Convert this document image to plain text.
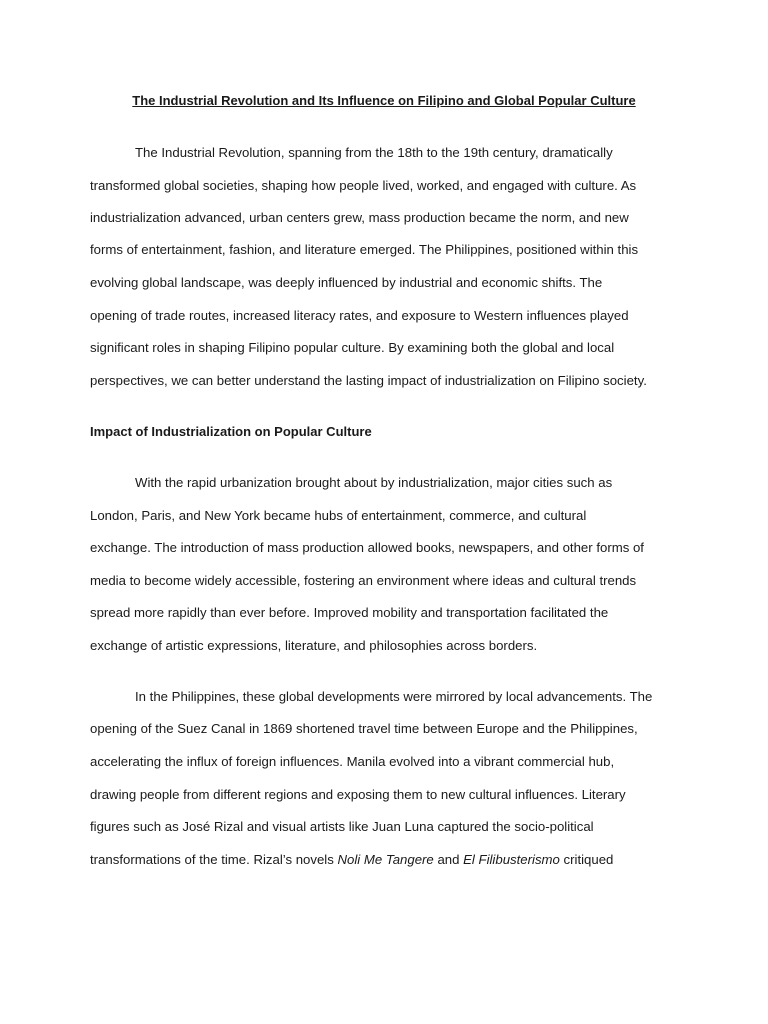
The Industrial Revolution and Its Influence on Filipino and Global Popular Culture
The Industrial Revolution, spanning from the 18th to the 19th century, dramatically
transformed global societies, shaping how people lived, worked, and engaged with culture. As
industrialization advanced, urban centers grew, mass production became the norm, and new
forms of entertainment, fashion, and literature emerged. The Philippines, positioned within this
evolving global landscape, was deeply influenced by industrial and economic shifts. The
opening of trade routes, increased literacy rates, and exposure to Western influences played
significant roles in shaping Filipino popular culture. By examining both the global and local
perspectives, we can better understand the lasting impact of industrialization on Filipino society.
Impact of Industrialization on Popular Culture
With the rapid urbanization brought about by industrialization, major cities such as
London, Paris, and New York became hubs of entertainment, commerce, and cultural
exchange. The introduction of mass production allowed books, newspapers, and other forms of
media to become widely accessible, fostering an environment where ideas and cultural trends
spread more rapidly than ever before. Improved mobility and transportation facilitated the
exchange of artistic expressions, literature, and philosophies across borders.
In the Philippines, these global developments were mirrored by local advancements. The
opening of the Suez Canal in 1869 shortened travel time between Europe and the Philippines,
accelerating the influx of foreign influences. Manila evolved into a vibrant commercial hub,
drawing people from different regions and exposing them to new cultural influences. Literary
figures such as José Rizal and visual artists like Juan Luna captured the socio-political
transformations of the time. Rizal’s novels Noli Me Tangere and El Filibusterismo critiqued
